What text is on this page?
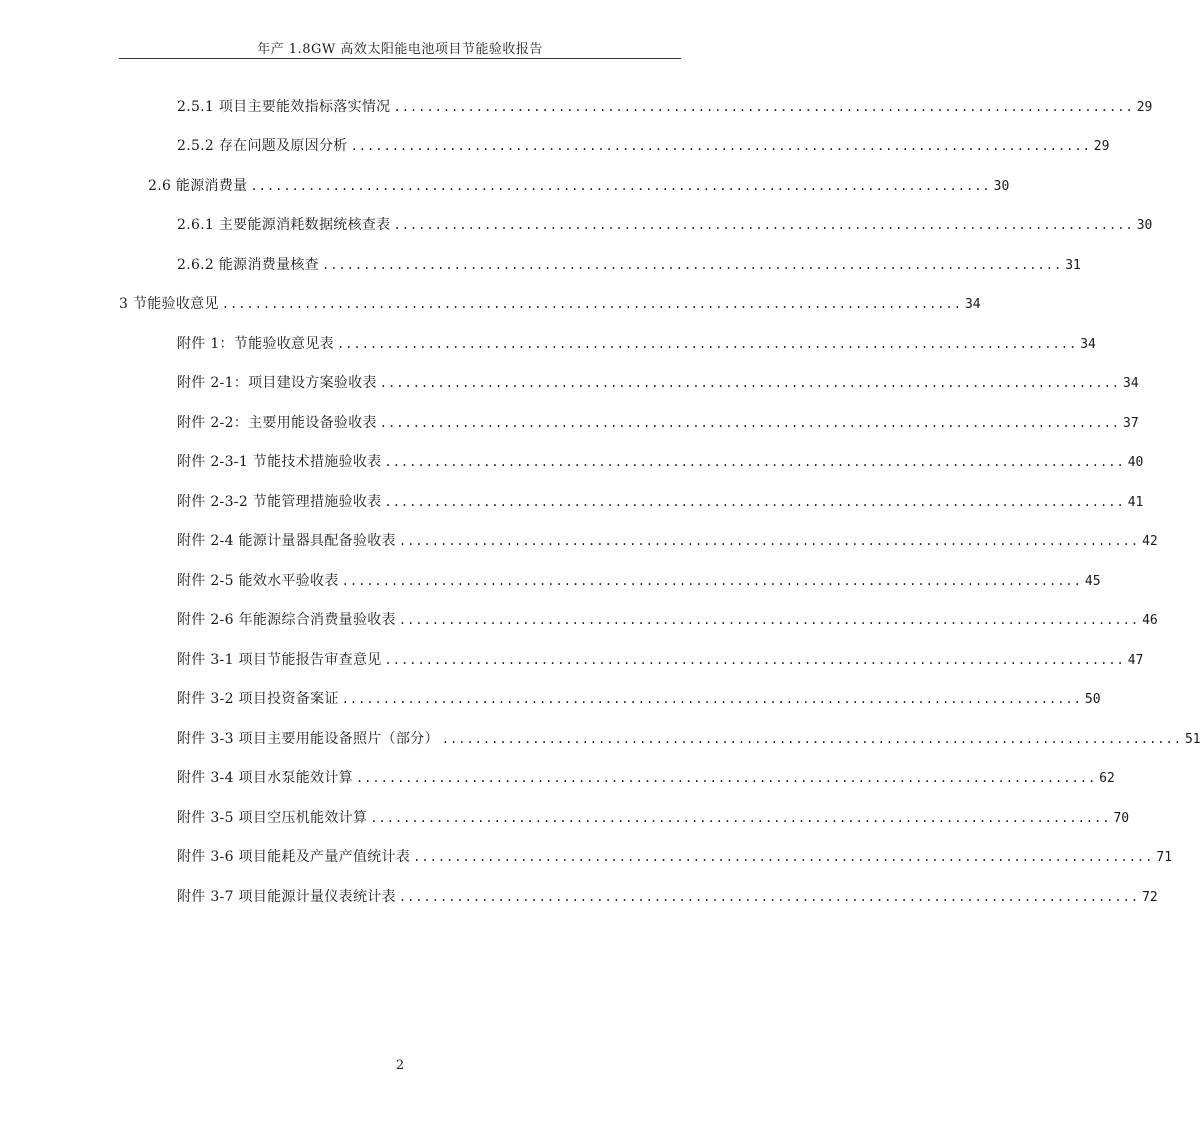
年产 1.8GW 高效太阳能电池项目节能验收报告
2.5.1 项目主要能效指标落实情况 .......................................................................................... 29
2.5.2 存在问题及原因分析 .......................................................................................... 29
2.6 能源消费量 .......................................................................................... 30
2.6.1 主要能源消耗数据统核查表 .......................................................................................... 30
2.6.2 能源消费量核查 .......................................................................................... 31
3 节能验收意见 .......................................................................................... 34
附件 1：节能验收意见表 .......................................................................................... 34
附件 2-1：项目建设方案验收表 .......................................................................................... 34
附件 2-2：主要用能设备验收表 .......................................................................................... 37
附件 2-3-1 节能技术措施验收表 .......................................................................................... 40
附件 2-3-2 节能管理措施验收表 .......................................................................................... 41
附件 2-4 能源计量器具配备验收表 .......................................................................................... 42
附件 2-5 能效水平验收表 .......................................................................................... 45
附件 2-6 年能源综合消费量验收表 .......................................................................................... 46
附件 3-1 项目节能报告审查意见 .......................................................................................... 47
附件 3-2 项目投资备案证 .......................................................................................... 50
附件 3-3 项目主要用能设备照片（部分） .......................................................................................... 51
附件 3-4 项目水泵能效计算 .......................................................................................... 62
附件 3-5 项目空压机能效计算 .......................................................................................... 70
附件 3-6 项目能耗及产量产值统计表 .......................................................................................... 71
附件 3-7 项目能源计量仪表统计表 .......................................................................................... 72
2
